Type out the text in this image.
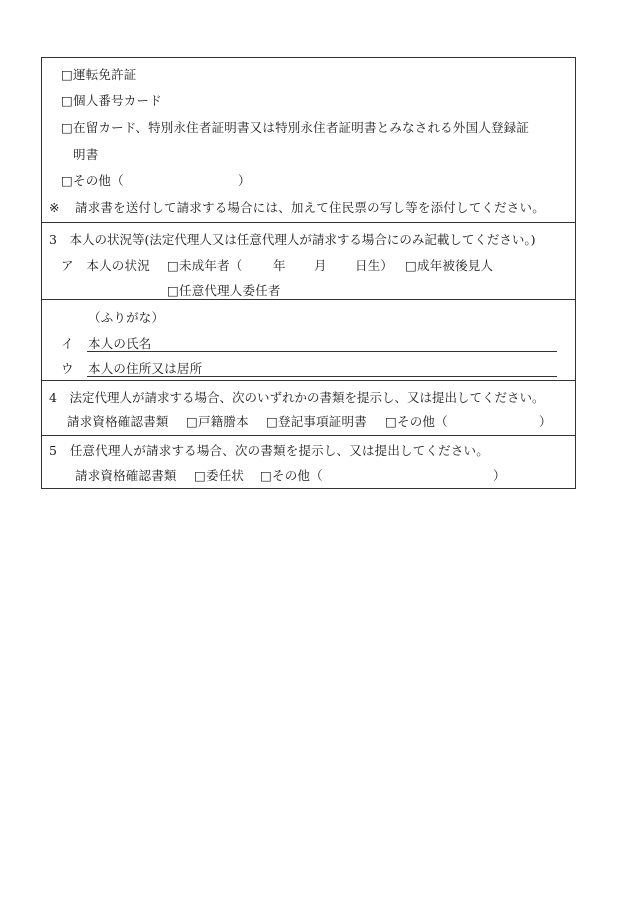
□運転免許証
□個人番号カード
□在留カード、特別永住者証明書又は特別永住者証明書とみなされる外国人登録証
明書
□その他（	）
※ 請求書を送付して請求する場合には、加えて住民票の写し等を添付してください。
3　本人の状況等(法定代理人又は任意代理人が請求する場合にのみ記載してください。)
ア　本人の状況 □未成年者（ 年 月 日生） □成年被後見人
□任意代理人委任者
（ふりがな）
イ 本人の氏名
ウ 本人の住所又は居所
4　法定代理人が請求する場合、次のいずれかの書類を提示し、又は提出してください。
請求資格確認書類 □戸籍謄本 □登記事項証明書 □その他（	）
5　任意代理人が請求する場合、次の書類を提示し、又は提出してください。
請求資格確認書類 □委任状 □その他（	）
